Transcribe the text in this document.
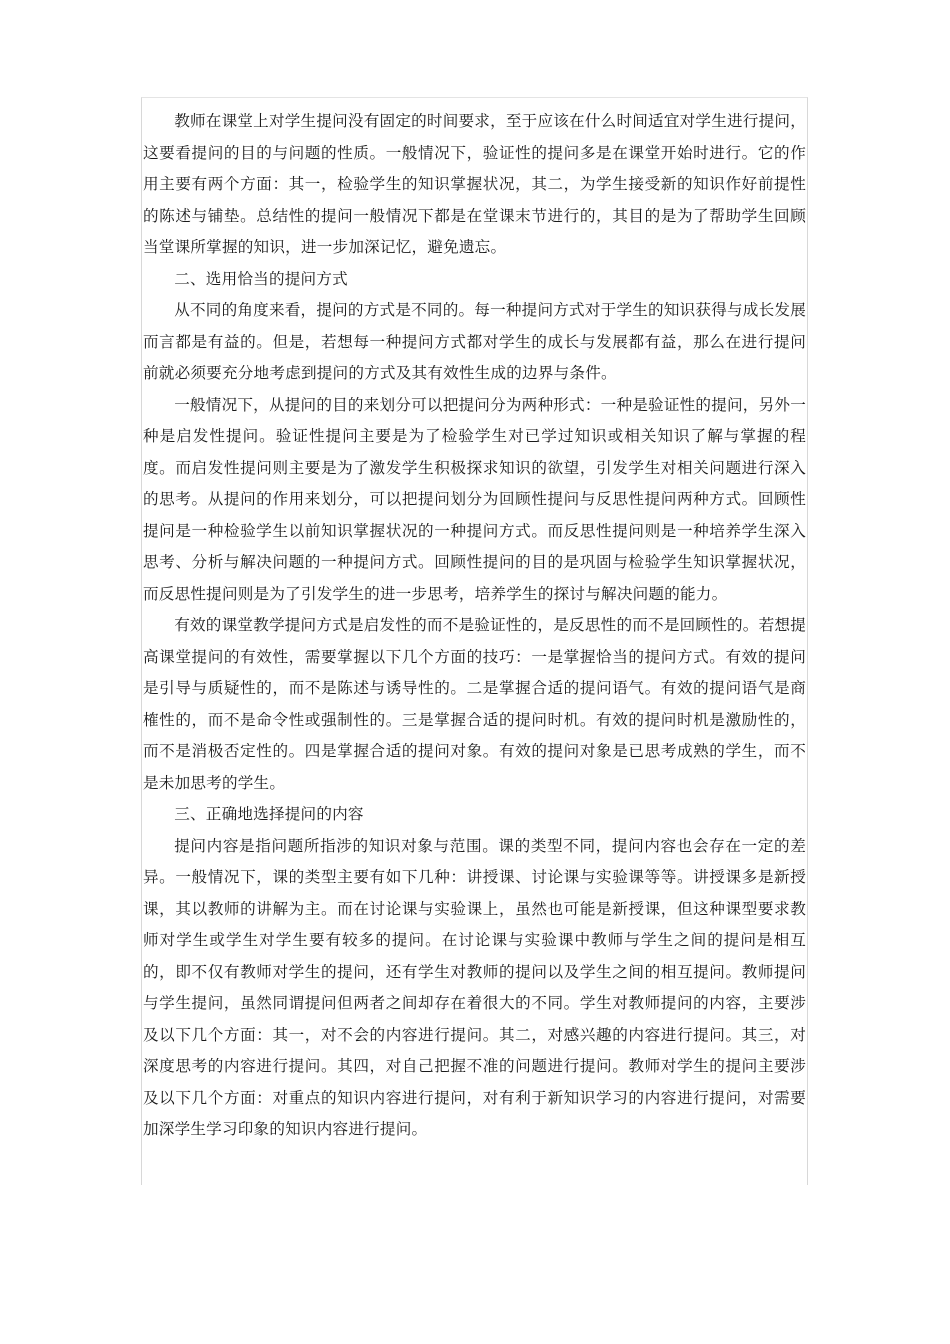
教师在课堂上对学生提问没有固定的时间要求，至于应该在什么时间适宜对学生进行提问，这要看提问的目的与问题的性质。一般情况下，验证性的提问多是在课堂开始时进行。它的作用主要有两个方面：其一，检验学生的知识掌握状况，其二，为学生接受新的知识作好前提性的陈述与铺垫。总结性的提问一般情况下都是在堂课末节进行的，其目的是为了帮助学生回顾当堂课所掌握的知识，进一步加深记忆，避免遗忘。

二、选用恰当的提问方式

从不同的角度来看，提问的方式是不同的。每一种提问方式对于学生的知识获得与成长发展而言都是有益的。但是，若想每一种提问方式都对学生的成长与发展都有益，那么在进行提问前就必须要充分地考虑到提问的方式及其有效性生成的边界与条件。

一般情况下，从提问的目的来划分可以把提问分为两种形式：一种是验证性的提问，另外一种是启发性提问。验证性提问主要是为了检验学生对已学过知识或相关知识了解与掌握的程度。而启发性提问则主要是为了激发学生积极探求知识的欲望，引发学生对相关问题进行深入的思考。从提问的作用来划分，可以把提问划分为回顾性提问与反思性提问两种方式。回顾性提问是一种检验学生以前知识掌握状况的一种提问方式。而反思性提问则是一种培养学生深入思考、分析与解决问题的一种提问方式。回顾性提问的目的是巩固与检验学生知识掌握状况，而反思性提问则是为了引发学生的进一步思考，培养学生的探讨与解决问题的能力。

有效的课堂教学提问方式是启发性的而不是验证性的，是反思性的而不是回顾性的。若想提高课堂提问的有效性，需要掌握以下几个方面的技巧：一是掌握恰当的提问方式。有效的提问是引导与质疑性的，而不是陈述与诱导性的。二是掌握合适的提问语气。有效的提问语气是商榷性的，而不是命令性或强制性的。三是掌握合适的提问时机。有效的提问时机是激励性的，而不是消极否定性的。四是掌握合适的提问对象。有效的提问对象是已思考成熟的学生，而不是未加思考的学生。

三、正确地选择提问的内容

提问内容是指问题所指涉的知识对象与范围。课的类型不同，提问内容也会存在一定的差异。一般情况下，课的类型主要有如下几种：讲授课、讨论课与实验课等等。讲授课多是新授课，其以教师的讲解为主。而在讨论课与实验课上，虽然也可能是新授课，但这种课型要求教师对学生或学生对学生要有较多的提问。在讨论课与实验课中教师与学生之间的提问是相互的，即不仅有教师对学生的提问，还有学生对教师的提问以及学生之间的相互提问。教师提问与学生提问，虽然同谓提问但两者之间却存在着很大的不同。学生对教师提问的内容，主要涉及以下几个方面：其一，对不会的内容进行提问。其二，对感兴趣的内容进行提问。其三，对深度思考的内容进行提问。其四，对自己把握不准的问题进行提问。教师对学生的提问主要涉及以下几个方面：对重点的知识内容进行提问，对有利于新知识学习的内容进行提问，对需要加深学生学习印象的知识内容进行提问。
